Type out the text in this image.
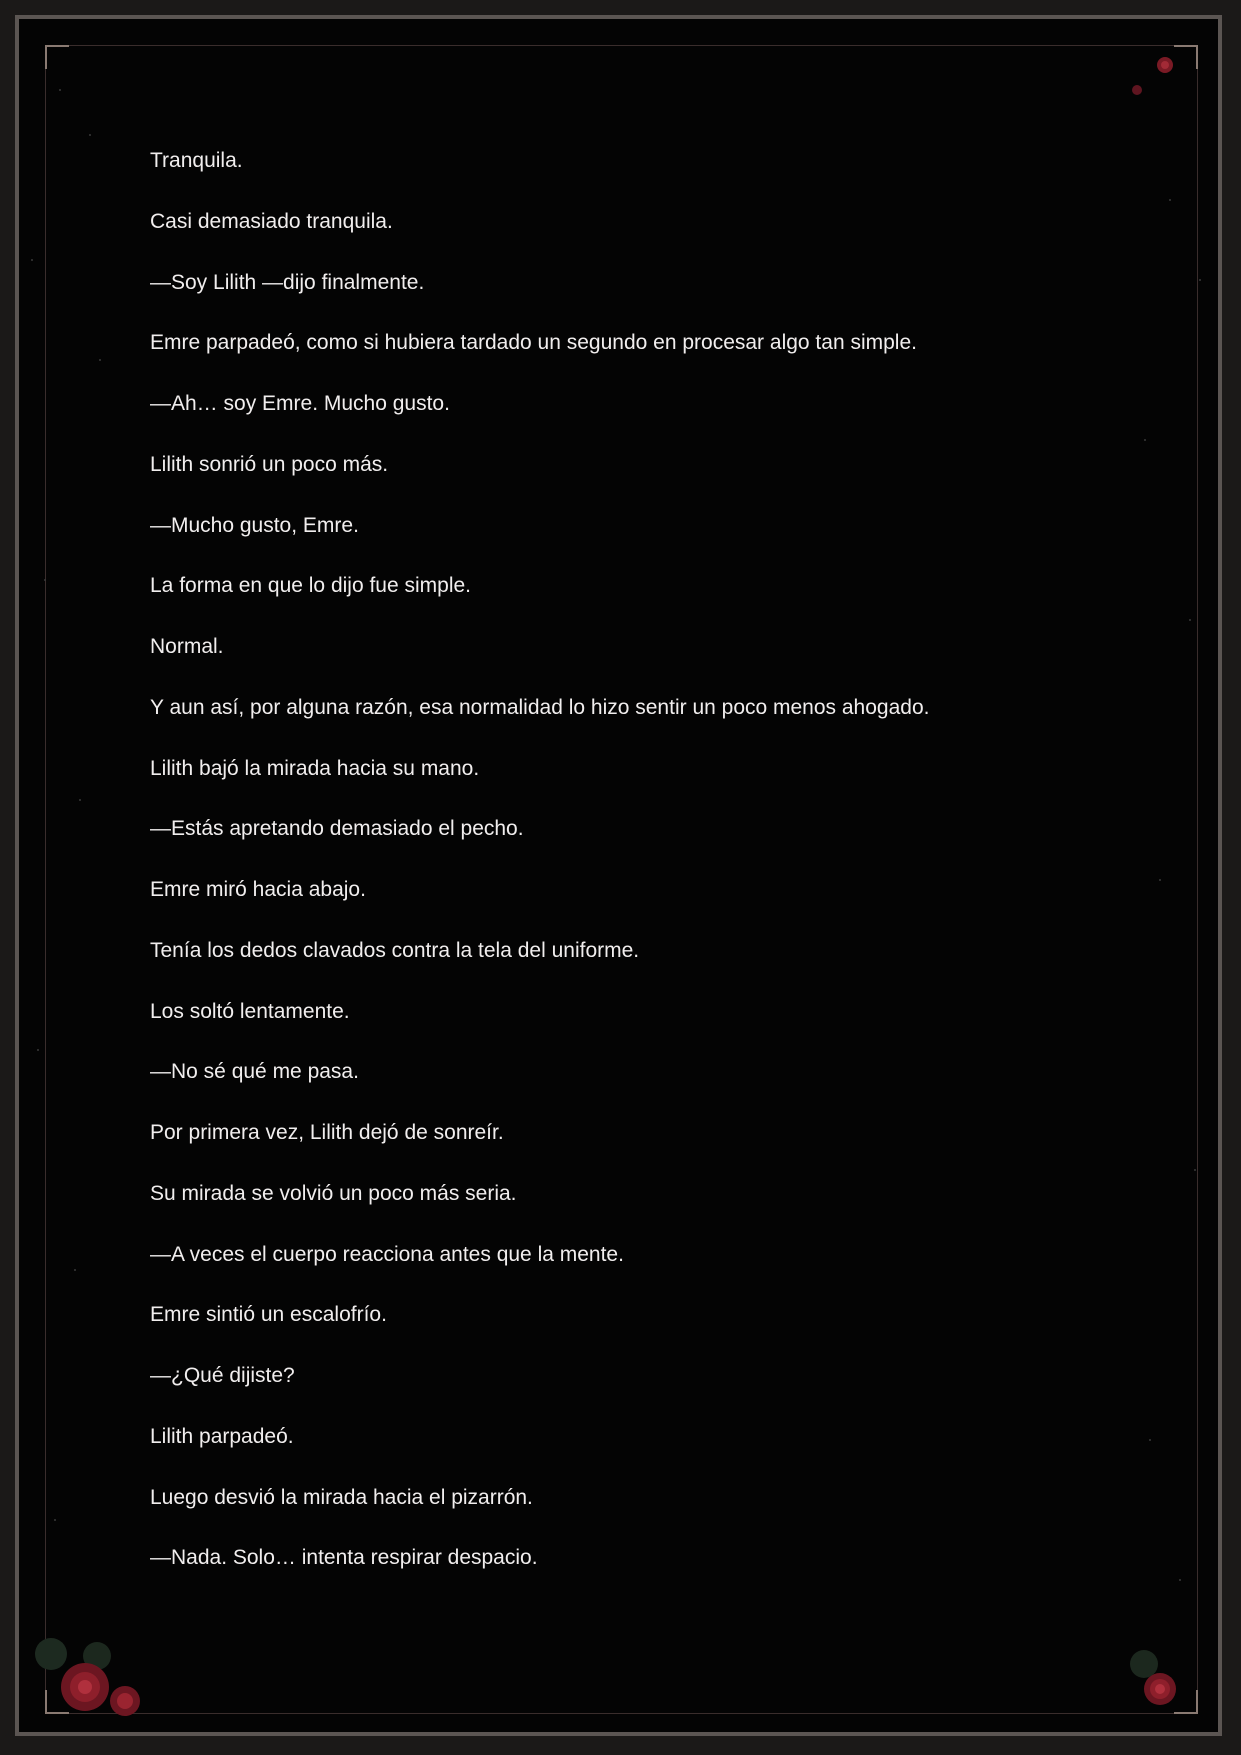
Tranquila.

Casi demasiado tranquila.

—Soy Lilith —dijo finalmente.

Emre parpadeó, como si hubiera tardado un segundo en procesar algo tan simple.

—Ah… soy Emre. Mucho gusto.

Lilith sonrió un poco más.

—Mucho gusto, Emre.

La forma en que lo dijo fue simple.

Normal.

Y aun así, por alguna razón, esa normalidad lo hizo sentir un poco menos ahogado.

Lilith bajó la mirada hacia su mano.

—Estás apretando demasiado el pecho.

Emre miró hacia abajo.

Tenía los dedos clavados contra la tela del uniforme.

Los soltó lentamente.

—No sé qué me pasa.

Por primera vez, Lilith dejó de sonreír.

Su mirada se volvió un poco más seria.

—A veces el cuerpo reacciona antes que la mente.

Emre sintió un escalofrío.

—¿Qué dijiste?

Lilith parpadeó.

Luego desvió la mirada hacia el pizarrón.

—Nada. Solo… intenta respirar despacio.
